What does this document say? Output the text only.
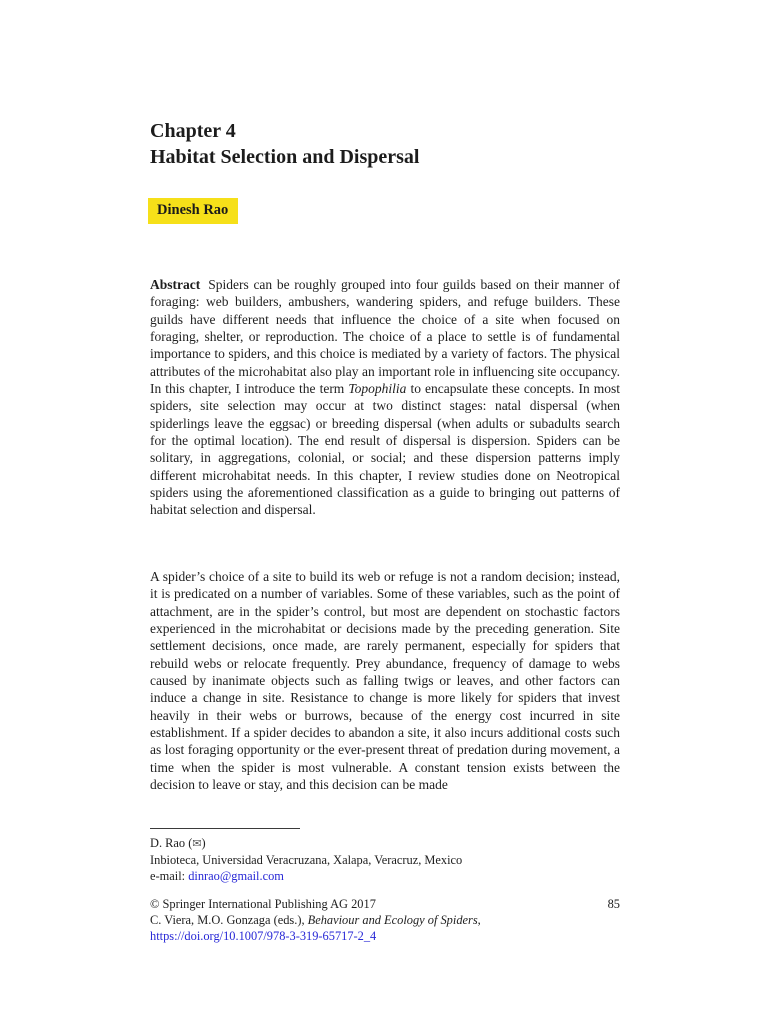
Chapter 4
Habitat Selection and Dispersal
Dinesh Rao
Abstract Spiders can be roughly grouped into four guilds based on their manner of foraging: web builders, ambushers, wandering spiders, and refuge builders. These guilds have different needs that influence the choice of a site when focused on foraging, shelter, or reproduction. The choice of a place to settle is of fundamental importance to spiders, and this choice is mediated by a variety of factors. The physical attributes of the microhabitat also play an important role in influencing site occupancy. In this chapter, I introduce the term Topophilia to encapsulate these concepts. In most spiders, site selection may occur at two distinct stages: natal dispersal (when spiderlings leave the eggsac) or breeding dispersal (when adults or subadults search for the optimal location). The end result of dispersal is dispersion. Spiders can be solitary, in aggregations, colonial, or social; and these dispersion patterns imply different microhabitat needs. In this chapter, I review studies done on Neotropical spiders using the aforementioned classification as a guide to bringing out patterns of habitat selection and dispersal.
A spider’s choice of a site to build its web or refuge is not a random decision; instead, it is predicated on a number of variables. Some of these variables, such as the point of attachment, are in the spider’s control, but most are dependent on stochastic factors experienced in the microhabitat or decisions made by the preceding generation. Site settlement decisions, once made, are rarely permanent, especially for spiders that rebuild webs or relocate frequently. Prey abundance, frequency of damage to webs caused by inanimate objects such as falling twigs or leaves, and other factors can induce a change in site. Resistance to change is more likely for spiders that invest heavily in their webs or burrows, because of the energy cost incurred in site establishment. If a spider decides to abandon a site, it also incurs additional costs such as lost foraging opportunity or the ever-present threat of predation during movement, a time when the spider is most vulnerable. A constant tension exists between the decision to leave or stay, and this decision can be made
D. Rao (✉)
Inbioteca, Universidad Veracruzana, Xalapa, Veracruz, Mexico
e-mail: dinrao@gmail.com
© Springer International Publishing AG 2017	85
C. Viera, M.O. Gonzaga (eds.), Behaviour and Ecology of Spiders,
https://doi.org/10.1007/978-3-319-65717-2_4
